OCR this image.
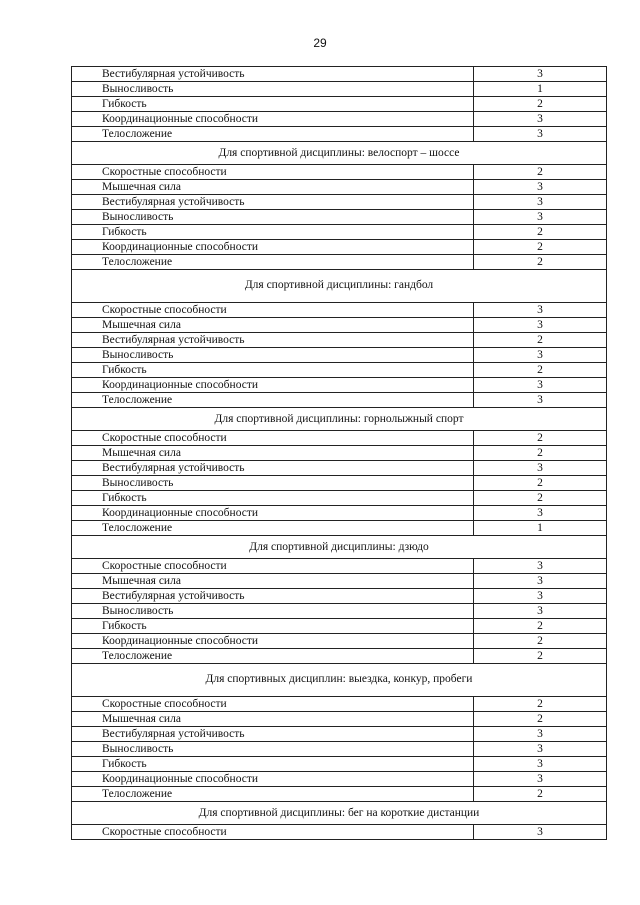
29
Вестибулярная устойчивость	3
Выносливость	1
Гибкость	2
Координационные способности	3
Телосложение	3
Для спортивной дисциплины: велоспорт – шоссе	
Скоростные способности	2
Мышечная сила	3
Вестибулярная устойчивость	3
Выносливость	3
Гибкость	2
Координационные способности	2
Телосложение	2
Для спортивной дисциплины: гандбол	
Скоростные способности	3
Мышечная сила	3
Вестибулярная устойчивость	2
Выносливость	3
Гибкость	2
Координационные способности	3
Телосложение	3
Для спортивной дисциплины: горнолыжный спорт	
Скоростные способности	2
Мышечная сила	2
Вестибулярная устойчивость	3
Выносливость	2
Гибкость	2
Координационные способности	3
Телосложение	1
Для спортивной дисциплины: дзюдо	
Скоростные способности	3
Мышечная сила	3
Вестибулярная устойчивость	3
Выносливость	3
Гибкость	2
Координационные способности	2
Телосложение	2
Для спортивных дисциплин: выездка, конкур, пробеги	
Скоростные способности	2
Мышечная сила	2
Вестибулярная устойчивость	3
Выносливость	3
Гибкость	3
Координационные способности	3
Телосложение	2
Для спортивной дисциплины: бег на короткие дистанции	
Скоростные способности	3
